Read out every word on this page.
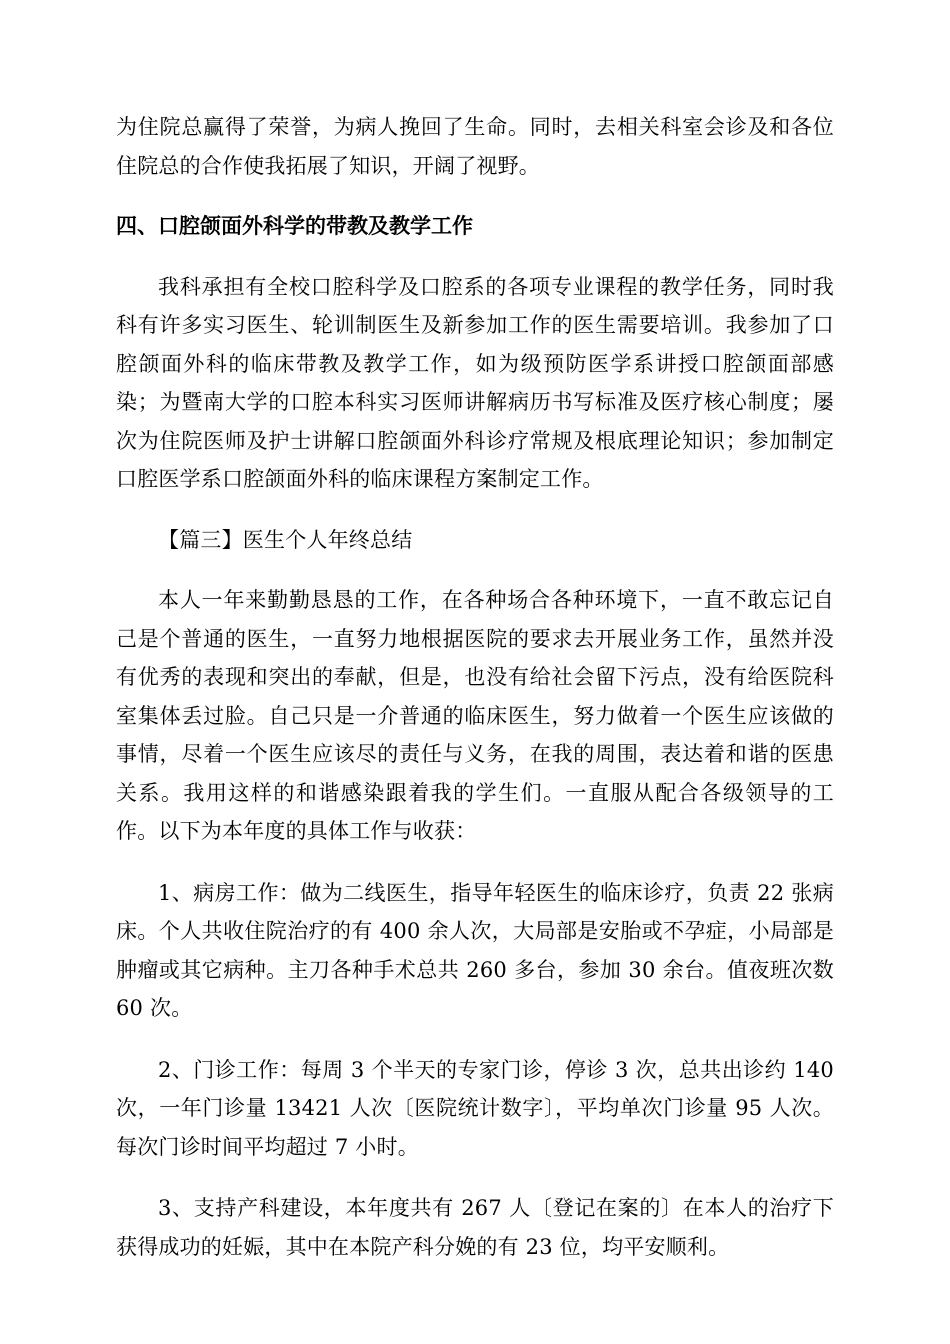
为住院总赢得了荣誉，为病人挽回了生命。同时，去相关科室会诊及和各位住院总的合作使我拓展了知识，开阔了视野。

四、口腔颌面外科学的带教及教学工作

我科承担有全校口腔科学及口腔系的各项专业课程的教学任务，同时我科有许多实习医生、轮训制医生及新参加工作的医生需要培训。我参加了口腔颌面外科的临床带教及教学工作，如为级预防医学系讲授口腔颌面部感染；为暨南大学的口腔本科实习医师讲解病历书写标准及医疗核心制度；屡次为住院医师及护士讲解口腔颌面外科诊疗常规及根底理论知识；参加制定口腔医学系口腔颌面外科的临床课程方案制定工作。

【篇三】医生个人年终总结

本人一年来勤勤恳恳的工作，在各种场合各种环境下，一直不敢忘记自己是个普通的医生，一直努力地根据医院的要求去开展业务工作，虽然并没有优秀的表现和突出的奉献，但是，也没有给社会留下污点，没有给医院科室集体丢过脸。自己只是一介普通的临床医生，努力做着一个医生应该做的事情，尽着一个医生应该尽的责任与义务，在我的周围，表达着和谐的医患关系。我用这样的和谐感染跟着我的学生们。一直服从配合各级领导的工作。以下为本年度的具体工作与收获：

1、病房工作：做为二线医生，指导年轻医生的临床诊疗，负责 22 张病床。个人共收住院治疗的有 400 余人次，大局部是安胎或不孕症，小局部是肿瘤或其它病种。主刀各种手术总共 260 多台，参加 30 余台。值夜班次数 60 次。

2、门诊工作：每周 3 个半天的专家门诊，停诊 3 次，总共出诊约 140 次，一年门诊量 13421 人次〔医院统计数字〕，平均单次门诊量 95 人次。每次门诊时间平均超过 7 小时。

3、支持产科建设，本年度共有 267 人〔登记在案的〕在本人的治疗下获得成功的妊娠，其中在本院产科分娩的有 23 位，均平安顺利。
